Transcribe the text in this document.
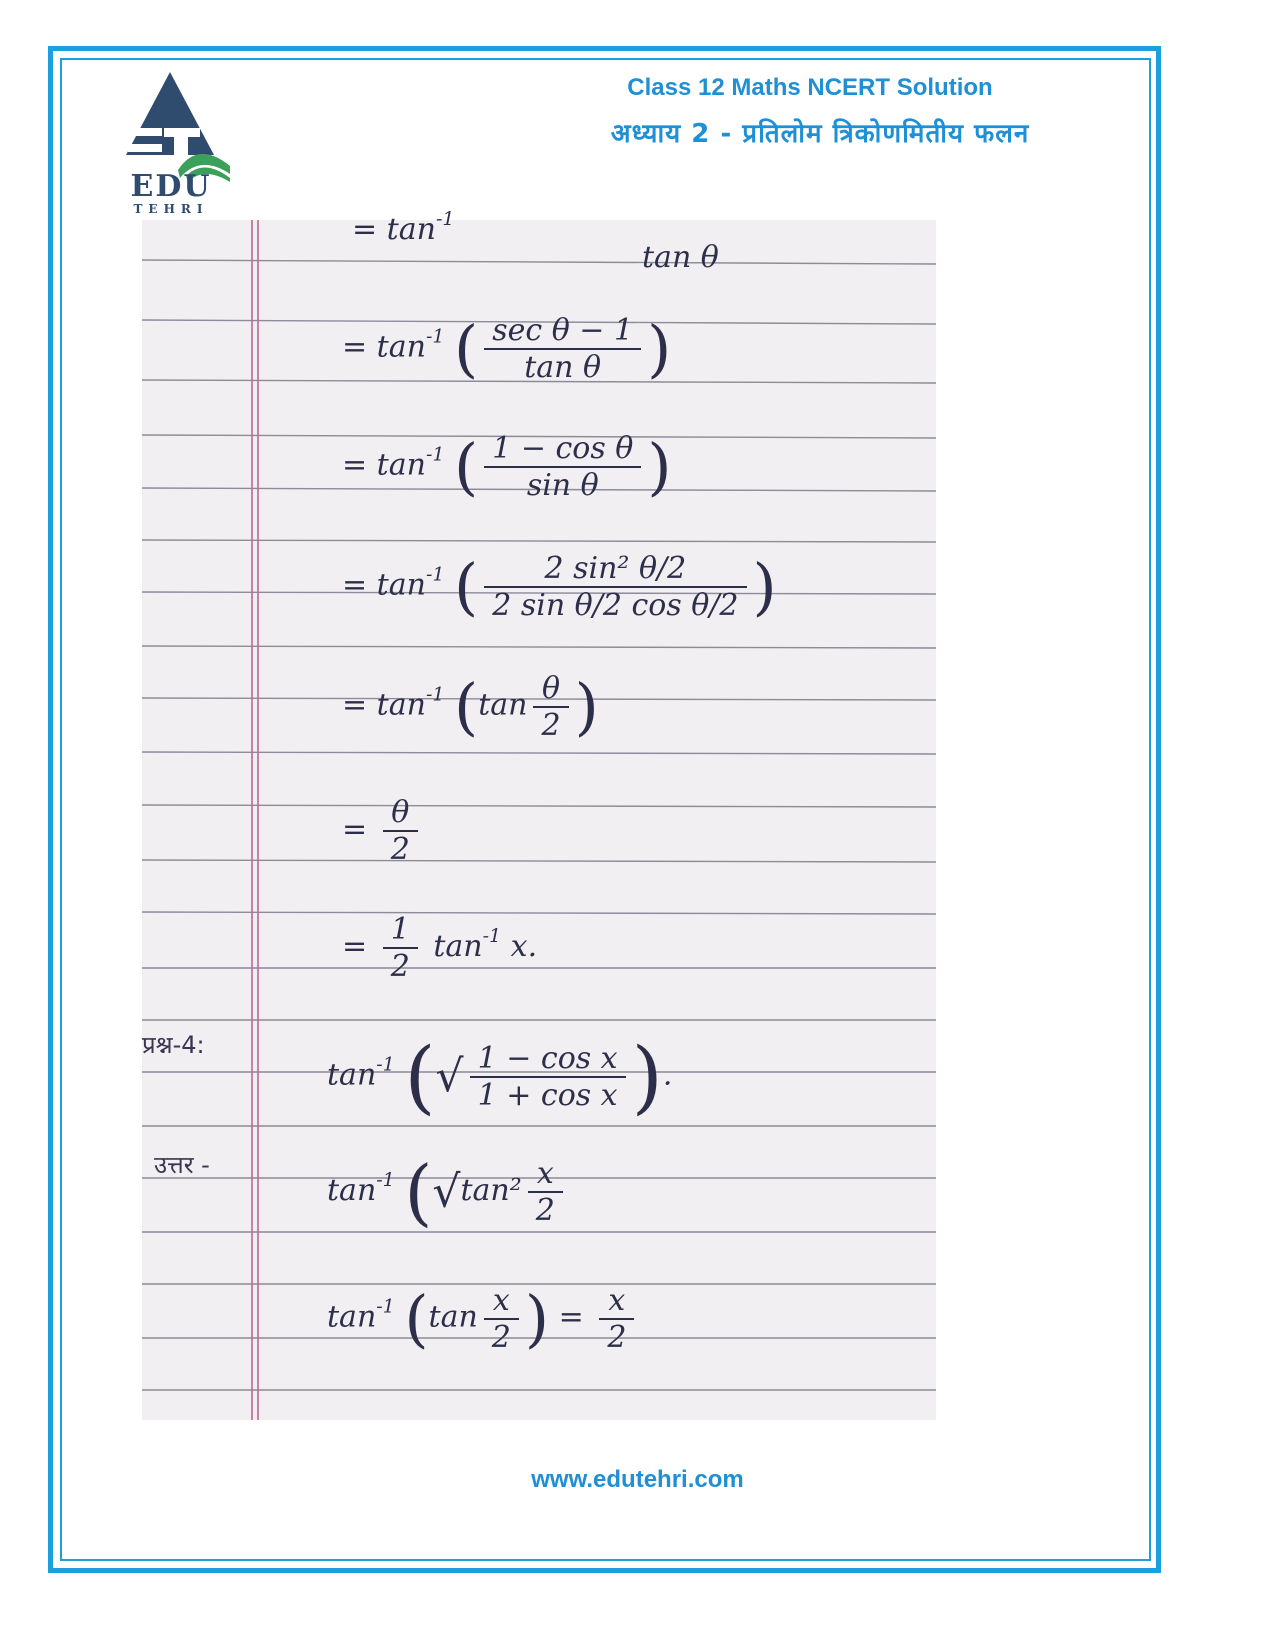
EDU
TEHRI
Class 12 Maths NCERT Solution
अध्याय 2 - प्रतिलोम त्रिकोणमितीय फलन
= $\tan^{-1}$
tan θ
= $\tan^{-1}$ ( $\frac{\text{sec θ − 1}}{\text{tan θ}}$ )
= $\tan^{-1}$ ( $\frac{\text{1 − cos θ}}{\text{sin θ}}$ )
= $\tan^{-1}$ ( $\frac{\text{2 sin² θ/2}}{\text{2 sin θ/2 cos θ/2}}$ )
= $\tan^{-1} (\tan \frac{\theta}{2}$ )
= $\frac{\theta}{2}$
= $\frac{1}{2} \tan^{-1} x$.
प्रश्न-4:
$\tan^{-1}$ (√ $\frac{\text{1 − cos x}}{\text{1 + cos x}}$ ).
उत्तर -
$\tan^{-1} (√\tan^2 \frac{x}{2}$
$\tan^{-1} (\tan \frac{x}{2}$ ) = $\frac{x}{2}$
www.edutehri.com
